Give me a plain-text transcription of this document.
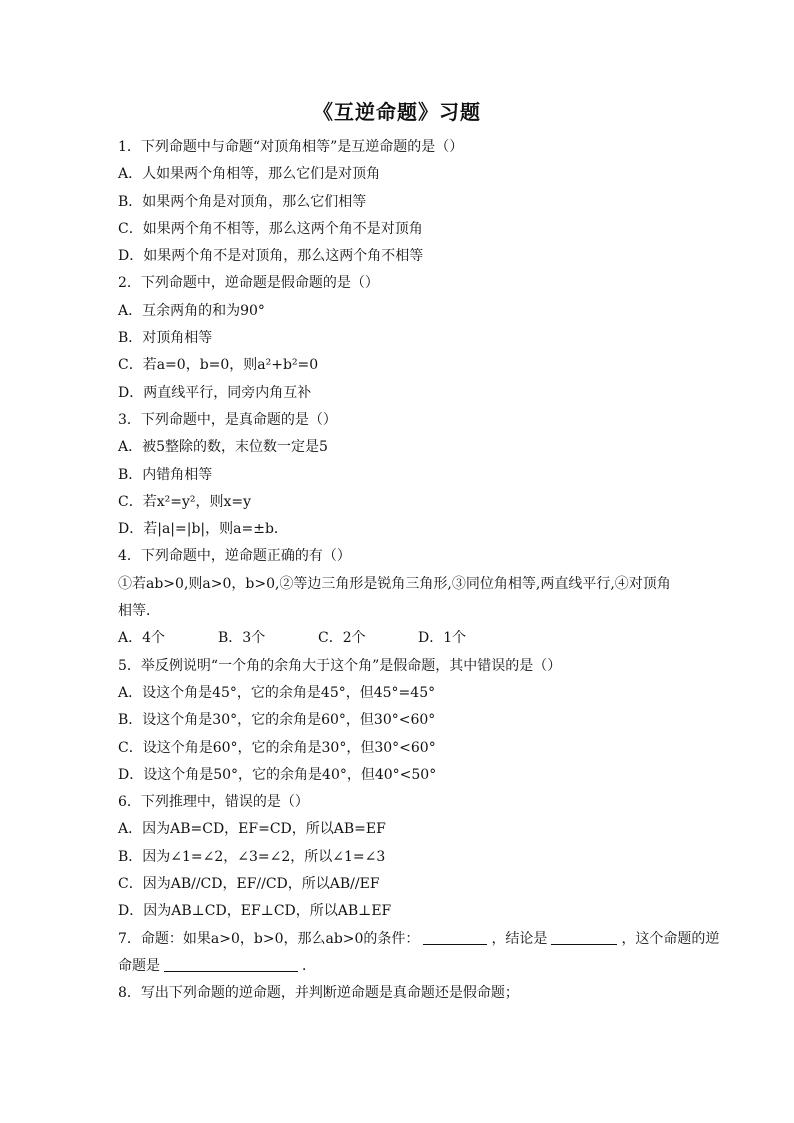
《互逆命题》习题
1．下列命题中与命题“对顶角相等”是互逆命题的是（）
A．人如果两个角相等，那么它们是对顶角
B．如果两个角是对顶角，那么它们相等
C．如果两个角不相等，那么这两个角不是对顶角
D．如果两个角不是对顶角，那么这两个角不相等
2．下列命题中，逆命题是假命题的是（）
A．互余两角的和为90°
B．对顶角相等
C．若a=0，b=0，则a²+b²=0
D．两直线平行，同旁内角互补
3．下列命题中，是真命题的是（）
A．被5整除的数，末位数一定是5
B．内错角相等
C．若x²=y²，则x=y
D．若|a|=|b|，则a=±b．
4．下列命题中，逆命题正确的有（）
①若ab>0,则a>0，b>0,②等边三角形是锐角三角形,③同位角相等,两直线平行,④对顶角相等．
A．4个	B．3个	C．2个	D．1个
5．举反例说明“一个角的余角大于这个角”是假命题，其中错误的是（）
A．设这个角是45°，它的余角是45°，但45°=45°
B．设这个角是30°，它的余角是60°，但30°<60°
C．设这个角是60°，它的余角是30°，但30°<60°
D．设这个角是50°，它的余角是40°，但40°<50°
6．下列推理中，错误的是（）
A．因为AB=CD，EF=CD，所以AB=EF
B．因为∠1=∠2，∠3=∠2，所以∠1=∠3
C．因为AB//CD，EF//CD，所以AB//EF
D．因为AB⊥CD，EF⊥CD，所以AB⊥EF
7．命题：如果a>0，b>0，那么ab>0的条件：	，结论是	，这个命题的逆
命题是	．
8．写出下列命题的逆命题，并判断逆命题是真命题还是假命题；
